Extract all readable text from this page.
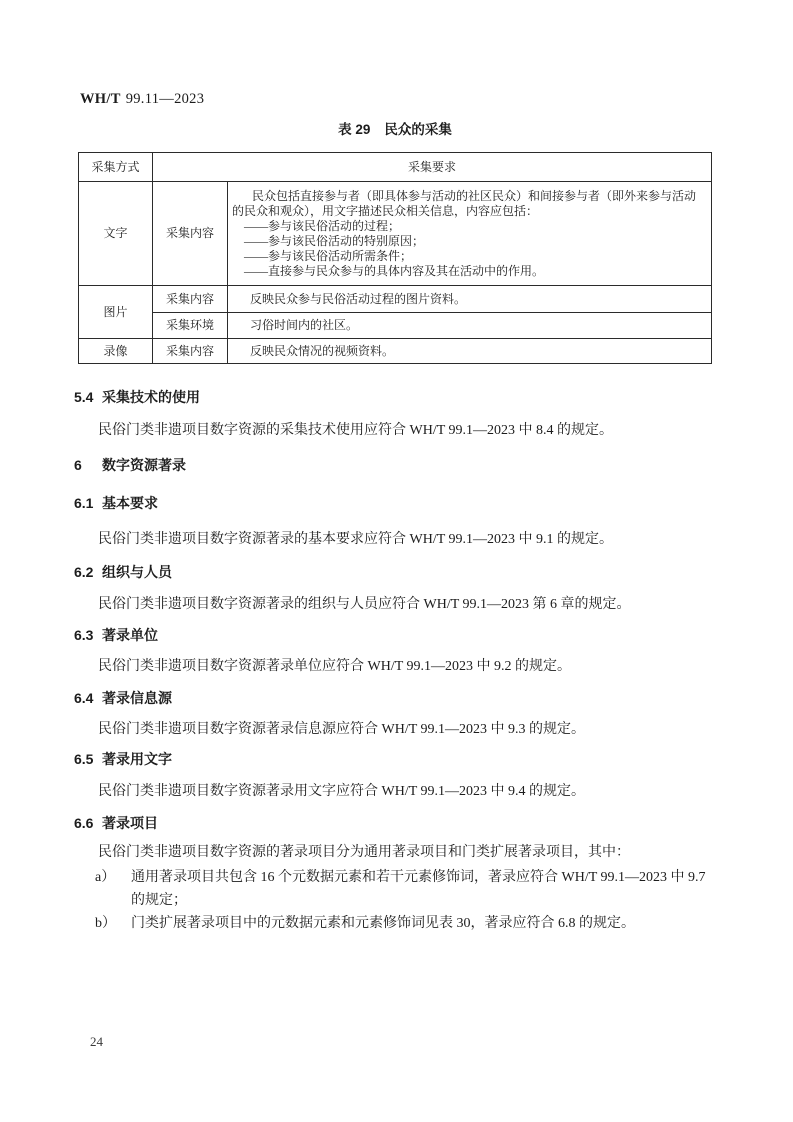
WH/T 99.11—2023
表 29 民众的采集
采集方式	采集要求	
文字	采集内容	民众包括直接参与者（即具体参与活动的社区民众）和间接参与者（即外来参与活动的民众和观众），用文字描述民众相关信息，内容应包括：

——参与该民俗活动的过程；
——参与该民俗活动的特别原因；
——参与该民俗活动所需条件；
——直接参与民众参与的具体内容及其在活动中的作用。

图片	采集内容	反映民众参与民俗活动过程的图片资料。
	采集环境	习俗时间内的社区。
录像	采集内容	反映民众情况的视频资料。
5.4 采集技术的使用

民俗门类非遗项目数字资源的采集技术使用应符合 WH/T 99.1—2023 中 8.4 的规定。

6 数字资源著录
6.1 基本要求

民俗门类非遗项目数字资源著录的基本要求应符合 WH/T 99.1—2023 中 9.1 的规定。

6.2 组织与人员

民俗门类非遗项目数字资源著录的组织与人员应符合 WH/T 99.1—2023 第 6 章的规定。

6.3 著录单位

民俗门类非遗项目数字资源著录单位应符合 WH/T 99.1—2023 中 9.2 的规定。

6.4 著录信息源

民俗门类非遗项目数字资源著录信息源应符合 WH/T 99.1—2023 中 9.3 的规定。

6.5 著录用文字

民俗门类非遗项目数字资源著录用文字应符合 WH/T 99.1—2023 中 9.4 的规定。

6.6 著录项目

民俗门类非遗项目数字资源的著录项目分为通用著录项目和门类扩展著录项目，其中：

a） 通用著录项目共包含 16 个元数据元素和若干元素修饰词，著录应符合 WH/T 99.1—2023 中 9.7 的规定；
b） 门类扩展著录项目中的元数据元素和元素修饰词见表 30，著录应符合 6.8 的规定。
24
